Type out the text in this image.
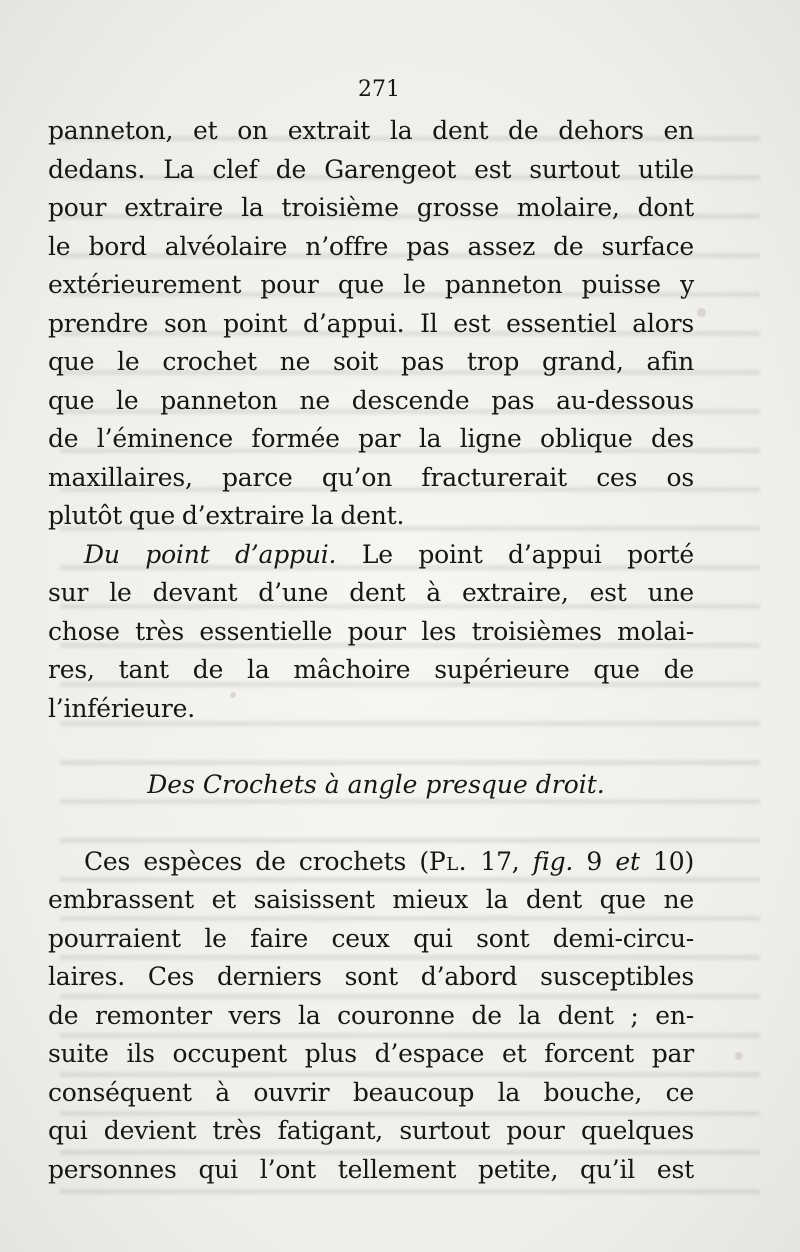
271
panneton, et on extrait la dent de dehors en
dedans. La clef de Garengeot est surtout utile
pour extraire la troisième grosse molaire, dont
le bord alvéolaire n’offre pas assez de surface
extérieurement pour que le panneton puisse y
prendre son point d’appui. Il est essentiel alors
que le crochet ne soit pas trop grand, afin
que le panneton ne descende pas au-dessous
de l’éminence formée par la ligne oblique des
maxillaires, parce qu’on fracturerait ces os
plutôt que d’extraire la dent.
Du point d’appui. Le point d’appui porté
sur le devant d’une dent à extraire, est une
chose très essentielle pour les troisièmes molai-
res, tant de la mâchoire supérieure que de
l’inférieure.
Des Crochets à angle presque droit.
Ces espèces de crochets (Pl. 17, fig. 9 et 10)
embrassent et saisissent mieux la dent que ne
pourraient le faire ceux qui sont demi-circu-
laires. Ces derniers sont d’abord susceptibles
de remonter vers la couronne de la dent ; en-
suite ils occupent plus d’espace et forcent par
conséquent à ouvrir beaucoup la bouche, ce
qui devient très fatigant, surtout pour quelques
personnes qui l’ont tellement petite, qu’il est
